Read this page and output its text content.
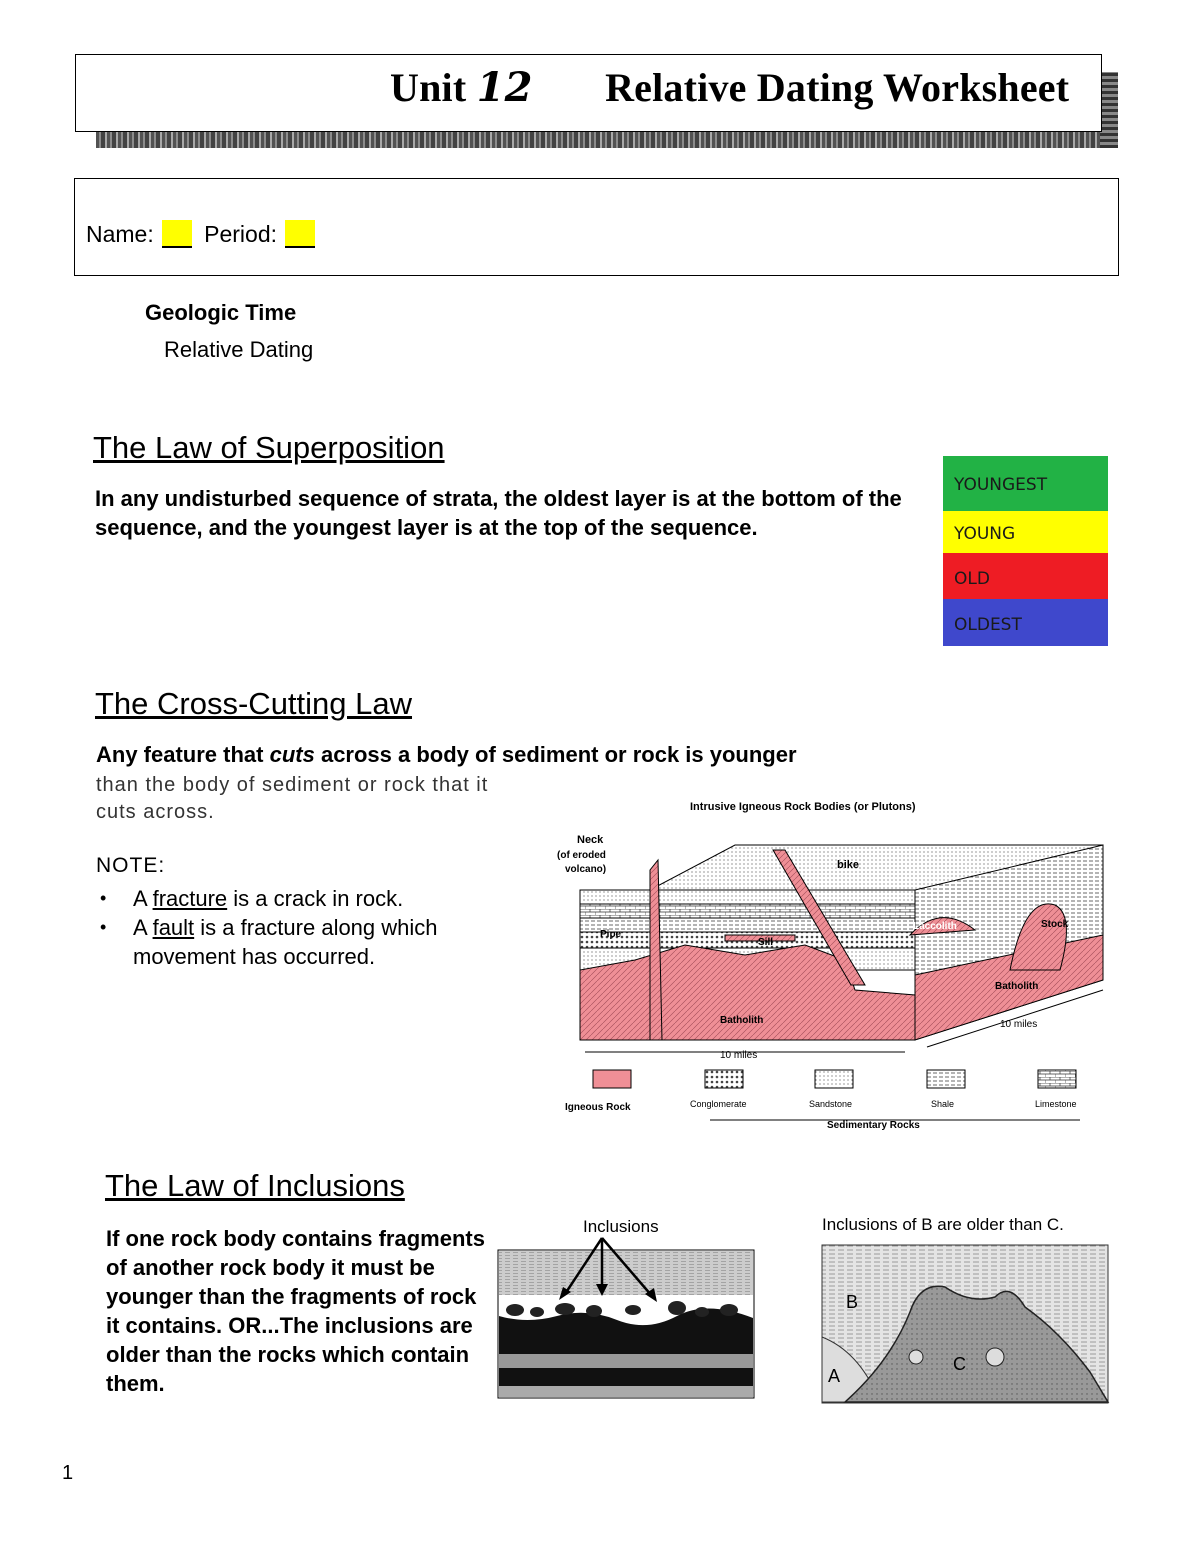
Unit 12 Relative Dating Worksheet
Name: Period:
Geologic Time
Relative Dating
The Law of Superposition
In any undisturbed sequence of strata, the oldest layer is at the bottom of the sequence, and the youngest layer is at the top of the sequence.
YOUNGEST
YOUNG
OLD
OLDEST
The Cross-Cutting Law
Any feature that cuts across a body of sediment or rock is younger
than the body of sediment or rock that it
cuts across.
NOTE:
• A fracture is a crack in rock.
• A fault is a fracture along which movement has occurred.
Intrusive Igneous Rock Bodies (or Plutons)
Neck
(of eroded
volcano)	bike
Pipe
Sill
Laccolith	Stock
Batholith
Batholith
10 miles
10 miles
Igneous Rock	Conglomerate	Sandstone	Shale	Limestone
Sedimentary Rocks
The Law of Inclusions
If one rock body contains fragments of another rock body it must be younger than the fragments of rock it contains. OR...The inclusions are older than the rocks which contain them.
Inclusions	Inclusions of B are older than C.
B
A
C
1
